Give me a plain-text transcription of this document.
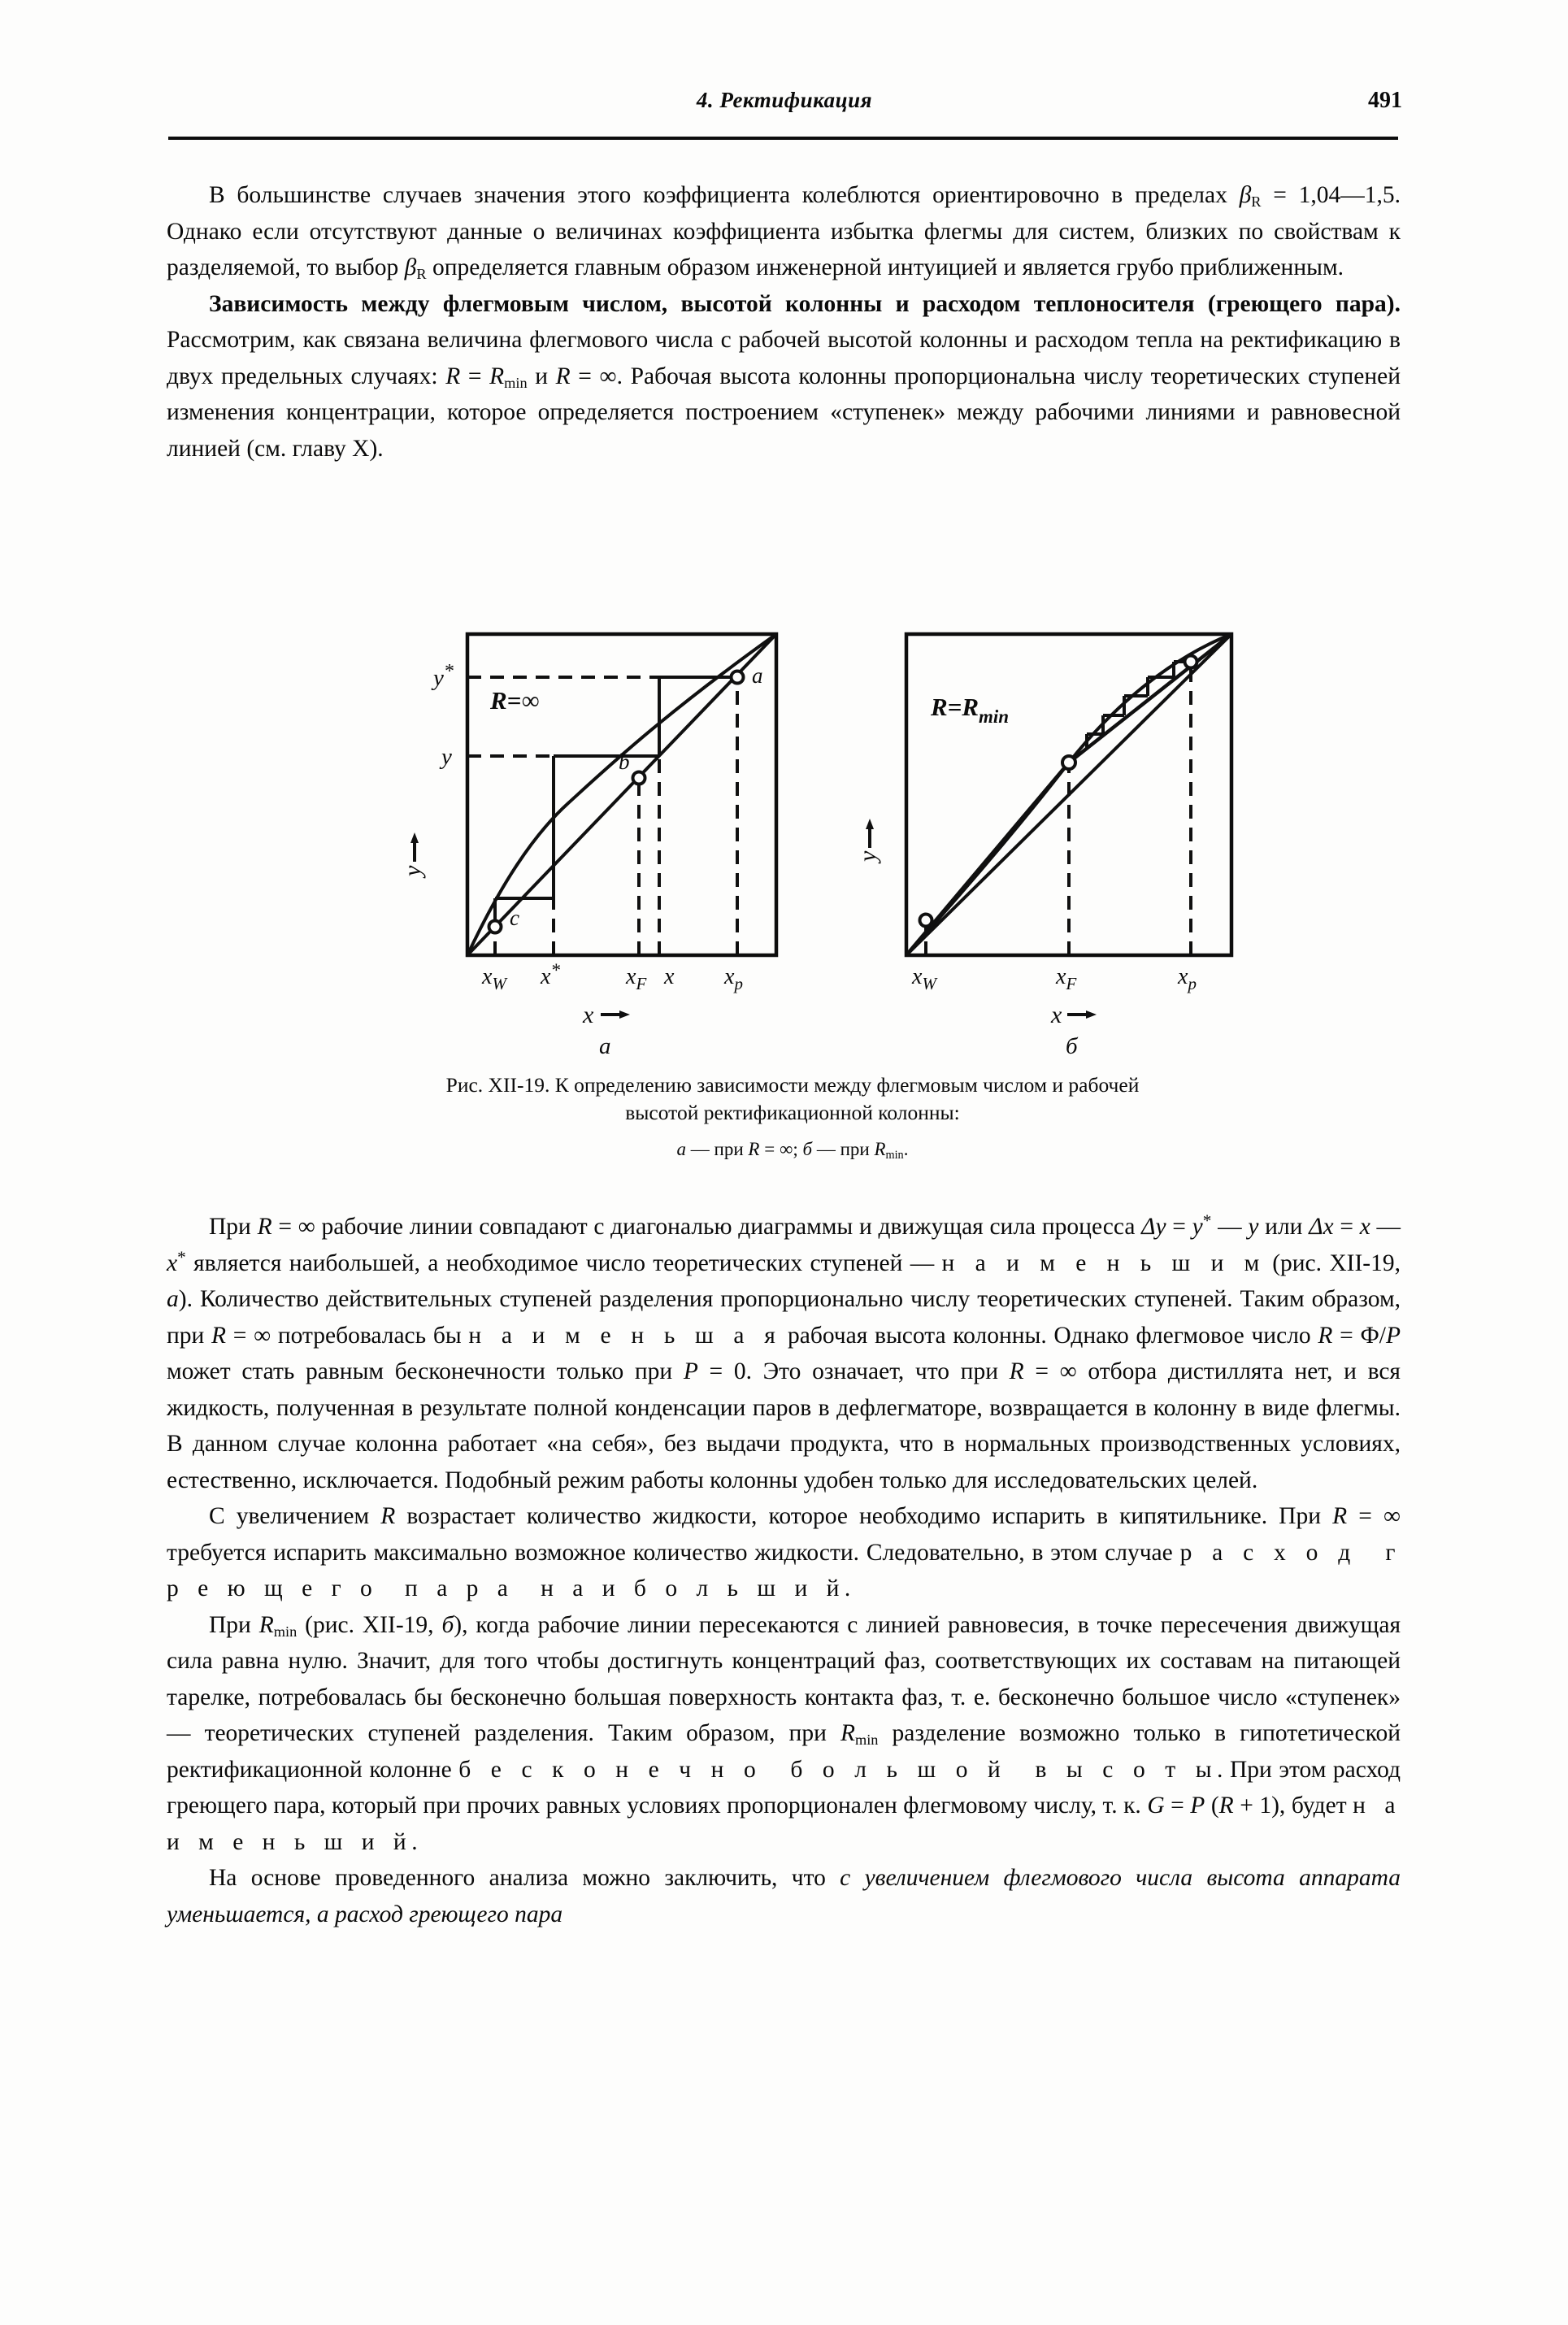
4. Ректификация	491

В большинстве случаев значения этого коэффициента колеблются ориентировочно в пределах $\beta_R$ = 1,04—1,5. Однако если отсутствуют данные о величинах коэффициента избытка флегмы для систем, близких по свойствам к разделяемой, то выбор $\beta_R$ определяется главным образом инженерной интуицией и является грубо приближенным.

Зависимость между флегмовым числом, высотой колонны и расходом теплоносителя (греющего пара). Рассмотрим, как связана величина флегмового числа с рабочей высотой колонны и расходом тепла на ректификацию в двух предельных случаях: $R = R_{min}$ и R = ∞. Рабочая высота колонны пропорциональна числу теоретических ступеней изменения концентрации, которое определяется построением «ступенек» между рабочими линиями и равновесной линией (см. главу X).

a
b
c
R=∞
y*
y
y
$x_W$ x*	$x_F$ x $x_p$
x
а
$R=R_{min}$
y
$x_W$	$x_F$	$x_p$
x
б
Рис. XII-19. К определению зависимости между флегмовым числом и рабочей высотой ректификационной колонны:
а — при R = ∞; б — при $R_{min}$.

При R = ∞ рабочие линии совпадают с диагональю диаграммы и движущая сила процесса Δy = y* — y или Δx = x — x* является наибольшей, а необходимое число теоретических ступеней — н а и м е н ь ш и м (рис. XII-19, а). Количество действительных ступеней разделения пропорционально числу теоретических ступеней. Таким образом, при R = ∞ потребовалась бы н а и м е н ь ш а я рабочая высота колонны. Однако флегмовое число R = Ф/Р может стать равным бесконечности только при Р = 0. Это означает, что при R = ∞ отбора дистиллята нет, и вся жидкость, полученная в результате полной конденсации паров в дефлегматоре, возвращается в колонну в виде флегмы. В данном случае колонна работает «на себя», без выдачи продукта, что в нормальных производственных условиях, естественно, исключается. Подобный режим работы колонны удобен только для исследовательских целей.

С увеличением R возрастает количество жидкости, которое необходимо испарить в кипятильнике. При R = ∞ требуется испарить максимально возможное количество жидкости. Следовательно, в этом случае р а с х о д  г р е ю щ е г о  п а р а  н а и б о л ь ш и й.

При $R_{min}$ (рис. XII-19, б), когда рабочие линии пересекаются с линией равновесия, в точке пересечения движущая сила равна нулю. Значит, для того чтобы достигнуть концентраций фаз, соответствующих их составам на питающей тарелке, потребовалась бы бесконечно большая поверхность контакта фаз, т. е. бесконечно большое число «ступенек» — теоретических ступеней разделения. Таким образом, при $R_{min}$ разделение возможно только в гипотетической ректификационной колонне б е с к о н е ч н о  б о л ь ш о й  в ы с о т ы. При этом расход греющего пара, который при прочих равных условиях пропорционален флегмовому числу, т. к. G = P (R + 1), будет н а и м е н ь ш и й.

На основе проведенного анализа можно заключить, что с увеличением флегмового числа высота аппарата уменьшается, а расход греющего пара
